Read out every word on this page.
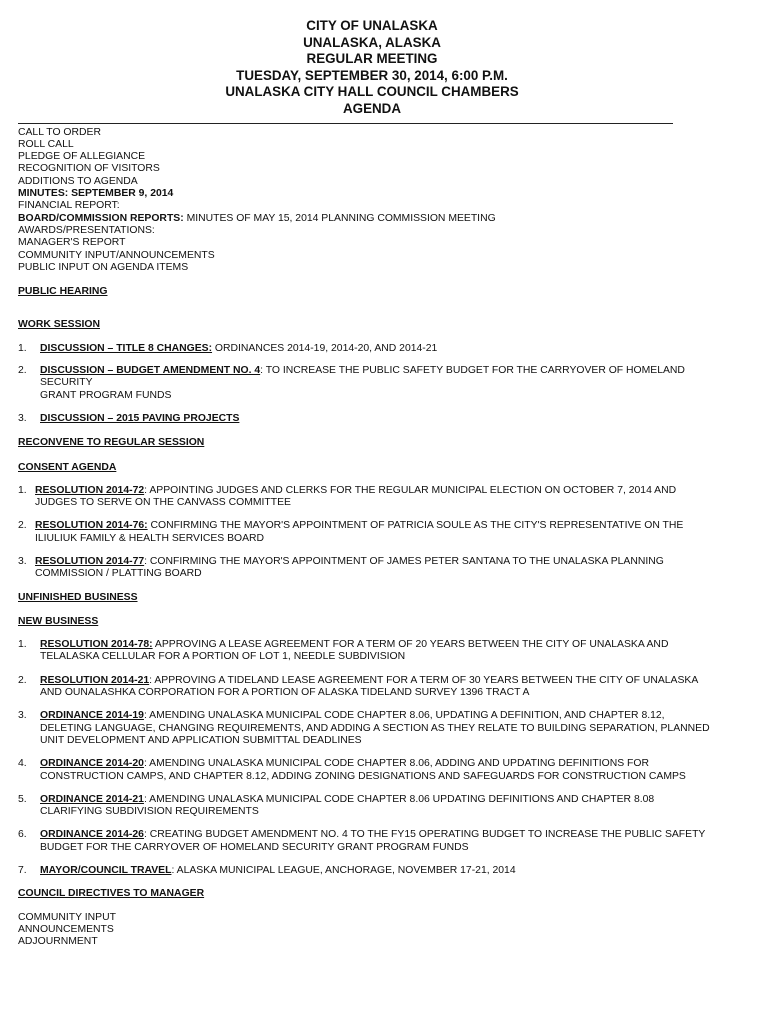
CITY OF UNALASKA
UNALASKA, ALASKA
REGULAR MEETING
TUESDAY, SEPTEMBER 30, 2014, 6:00 P.M.
UNALASKA CITY HALL COUNCIL CHAMBERS
AGENDA
CALL TO ORDER
ROLL CALL
PLEDGE OF ALLEGIANCE
RECOGNITION OF VISITORS
ADDITIONS TO AGENDA
MINUTES: SEPTEMBER 9, 2014
FINANCIAL REPORT:
BOARD/COMMISSION REPORTS: MINUTES OF MAY 15, 2014 PLANNING COMMISSION MEETING
AWARDS/PRESENTATIONS:
MANAGER'S REPORT
COMMUNITY INPUT/ANNOUNCEMENTS
PUBLIC INPUT ON AGENDA ITEMS
PUBLIC HEARING
WORK SESSION
1.	DISCUSSION – TITLE 8 CHANGES: ORDINANCES 2014-19, 2014-20, AND 2014-21
2.	DISCUSSION – BUDGET AMENDMENT NO. 4: TO INCREASE THE PUBLIC SAFETY BUDGET FOR THE CARRYOVER OF HOMELAND SECURITY
GRANT PROGRAM FUNDS
3.	DISCUSSION – 2015 PAVING PROJECTS
RECONVENE TO REGULAR SESSION
CONSENT AGENDA
1. RESOLUTION 2014-72: APPOINTING JUDGES AND CLERKS FOR THE REGULAR MUNICIPAL ELECTION ON OCTOBER 7, 2014 AND
JUDGES TO SERVE ON THE CANVASS COMMITTEE
2. RESOLUTION 2014-76: CONFIRMING THE MAYOR'S APPOINTMENT OF PATRICIA SOULE AS THE CITY'S REPRESENTATIVE ON THE
ILIULIUK FAMILY & HEALTH SERVICES BOARD
3. RESOLUTION 2014-77: CONFIRMING THE MAYOR'S APPOINTMENT OF JAMES PETER SANTANA TO THE UNALASKA PLANNING
COMMISSION / PLATTING BOARD
UNFINISHED BUSINESS
NEW BUSINESS
1.	RESOLUTION 2014-78: APPROVING A LEASE AGREEMENT FOR A TERM OF 20 YEARS BETWEEN THE CITY OF UNALASKA AND
TELALASKA CELLULAR FOR A PORTION OF LOT 1, NEEDLE SUBDIVISION
2.	RESOLUTION 2014-21: APPROVING A TIDELAND LEASE AGREEMENT FOR A TERM OF 30 YEARS BETWEEN THE CITY OF UNALASKA
AND OUNALASHKA CORPORATION FOR A PORTION OF ALASKA TIDELAND SURVEY 1396 TRACT A
3.	ORDINANCE 2014-19: AMENDING UNALASKA MUNICIPAL CODE CHAPTER 8.06, UPDATING A DEFINITION, AND CHAPTER 8.12,
DELETING LANGUAGE, CHANGING REQUIREMENTS, AND ADDING A SECTION AS THEY RELATE TO BUILDING SEPARATION, PLANNED
UNIT DEVELOPMENT AND APPLICATION SUBMITTAL DEADLINES
4.	ORDINANCE 2014-20: AMENDING UNALASKA MUNICIPAL CODE CHAPTER 8.06, ADDING AND UPDATING DEFINITIONS FOR
CONSTRUCTION CAMPS, AND CHAPTER 8.12, ADDING ZONING DESIGNATIONS AND SAFEGUARDS FOR CONSTRUCTION CAMPS
5.	ORDINANCE 2014-21: AMENDING UNALASKA MUNICIPAL CODE CHAPTER 8.06 UPDATING DEFINITIONS AND CHAPTER 8.08
CLARIFYING SUBDIVISION REQUIREMENTS
6.	ORDINANCE 2014-26: CREATING BUDGET AMENDMENT NO. 4 TO THE FY15 OPERATING BUDGET TO INCREASE THE PUBLIC SAFETY
BUDGET FOR THE CARRYOVER OF HOMELAND SECURITY GRANT PROGRAM FUNDS
7.	MAYOR/COUNCIL TRAVEL: ALASKA MUNICIPAL LEAGUE, ANCHORAGE, NOVEMBER 17-21, 2014
COUNCIL DIRECTIVES TO MANAGER
COMMUNITY INPUT
ANNOUNCEMENTS
ADJOURNMENT
